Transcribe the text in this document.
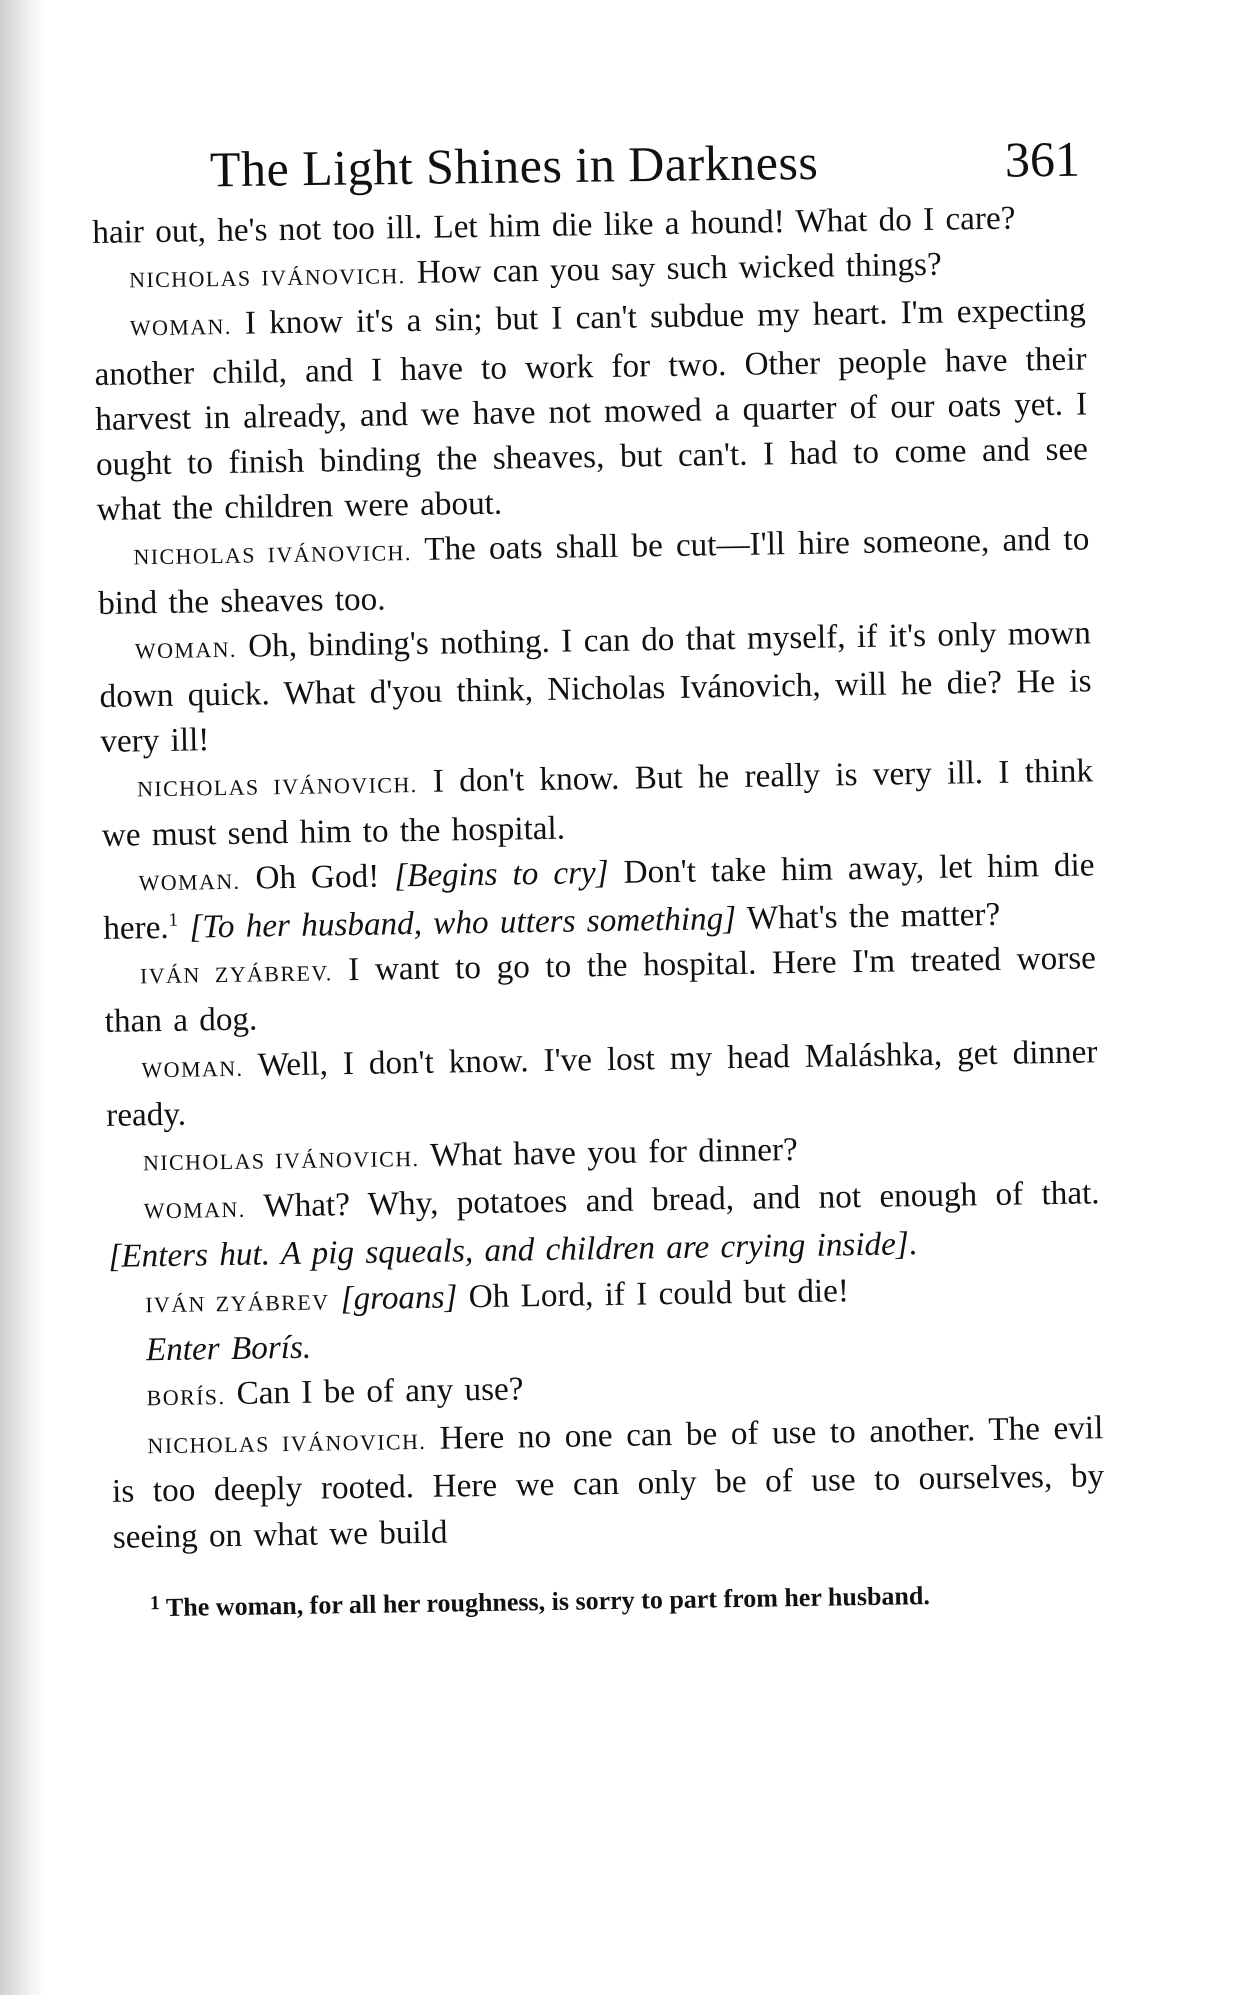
The Light Shines in Darkness	361

hair out, he's not too ill. Let him die like a hound! What do I care?

NICHOLAS IVÁNOVICH. How can you say such wicked things?

WOMAN. I know it's a sin; but I can't subdue my heart. I'm expecting another child, and I have to work for two. Other people have their harvest in already, and we have not mowed a quarter of our oats yet. I ought to finish binding the sheaves, but can't. I had to come and see what the children were about.

NICHOLAS IVÁNOVICH. The oats shall be cut—I'll hire someone, and to bind the sheaves too.

WOMAN. Oh, binding's nothing. I can do that myself, if it's only mown down quick. What d'you think, Nicholas Ivánovich, will he die? He is very ill!

NICHOLAS IVÁNOVICH. I don't know. But he really is very ill. I think we must send him to the hospital.

WOMAN. Oh God! [Begins to cry] Don't take him away, let him die here.$^1$ [To her husband, who utters something] What's the matter?

IVÁN ZYÁBREV. I want to go to the hospital. Here I'm treated worse than a dog.

WOMAN. Well, I don't know. I've lost my head Maláshka, get dinner ready.

NICHOLAS IVÁNOVICH. What have you for dinner?

WOMAN. What? Why, potatoes and bread, and not enough of that. [Enters hut. A pig squeals, and children are crying inside].

IVÁN ZYÁBREV [groans] Oh Lord, if I could but die!

Enter Borís.

BORÍS. Can I be of any use?

NICHOLAS IVÁNOVICH. Here no one can be of use to another. The evil is too deeply rooted. Here we can only be of use to ourselves, by seeing on what we build

$^1$ The woman, for all her roughness, is sorry to part from her husband.
